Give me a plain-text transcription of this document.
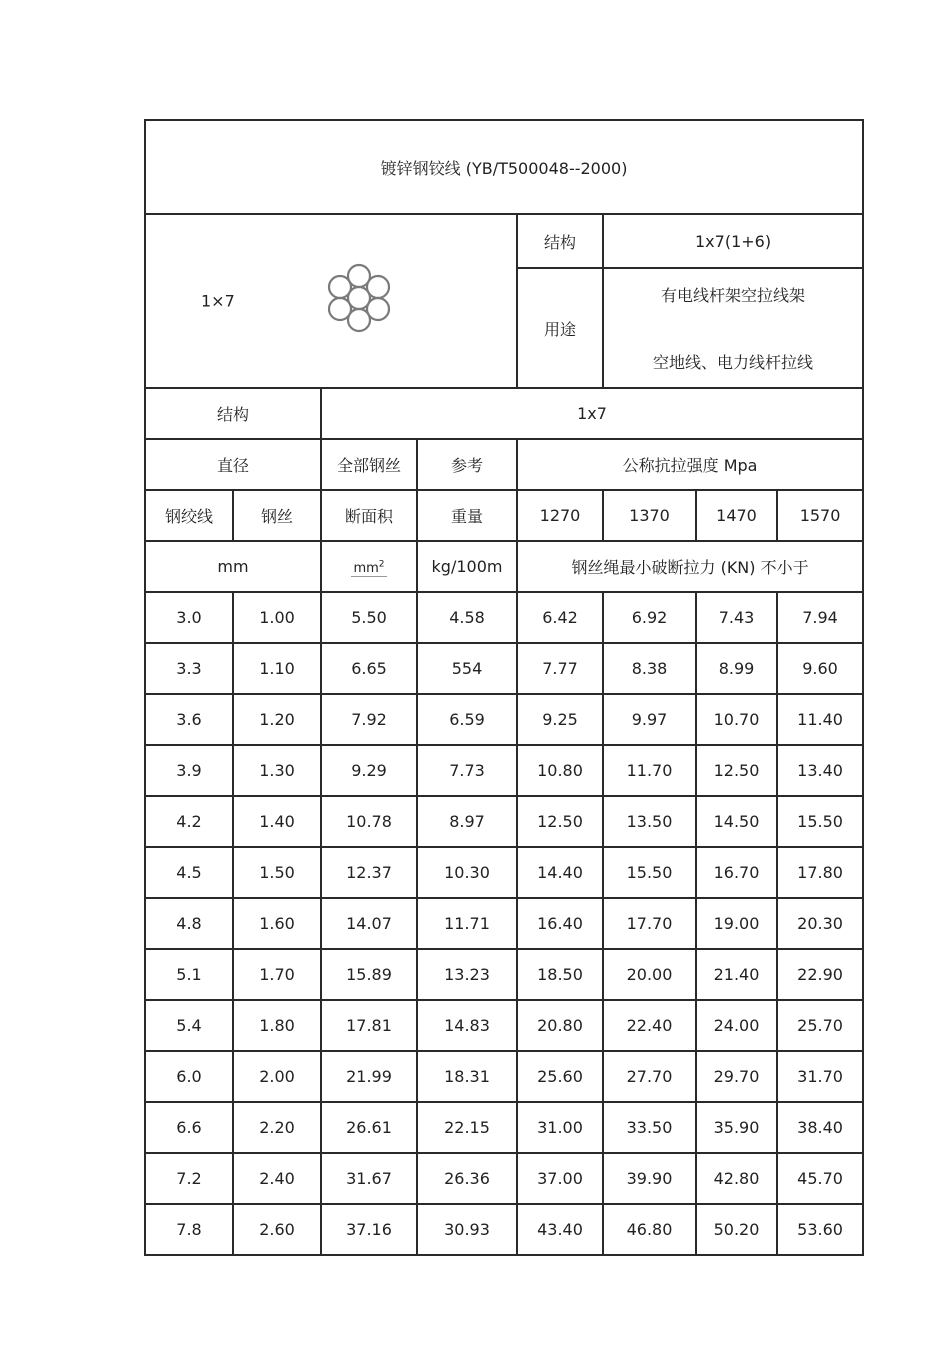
镀锌钢铰线 (YB/T500048--2000)							

1×7				结构	1x7(1+6)		
				用途	有电线杆架空拉线架
空地线、电力线杆拉线		

结构		1x7					
直径		全部钢丝	参考	公称抗拉强度 Mpa			
钢绞线	钢丝	断面积	重量	1270	1370	1470	1570
mm		$mm^2$	kg/100m	钢丝绳最小破断拉力 (KN) 不小于			
3.0	1.00	5.50	4.58	6.42	6.92	7.43	7.94
3.3	1.10	6.65	554	7.77	8.38	8.99	9.60
3.6	1.20	7.92	6.59	9.25	9.97	10.70	11.40
3.9	1.30	9.29	7.73	10.80	11.70	12.50	13.40
4.2	1.40	10.78	8.97	12.50	13.50	14.50	15.50
4.5	1.50	12.37	10.30	14.40	15.50	16.70	17.80
4.8	1.60	14.07	11.71	16.40	17.70	19.00	20.30
5.1	1.70	15.89	13.23	18.50	20.00	21.40	22.90
5.4	1.80	17.81	14.83	20.80	22.40	24.00	25.70
6.0	2.00	21.99	18.31	25.60	27.70	29.70	31.70
6.6	2.20	26.61	22.15	31.00	33.50	35.90	38.40
7.2	2.40	31.67	26.36	37.00	39.90	42.80	45.70
7.8	2.60	37.16	30.93	43.40	46.80	50.20	53.60
